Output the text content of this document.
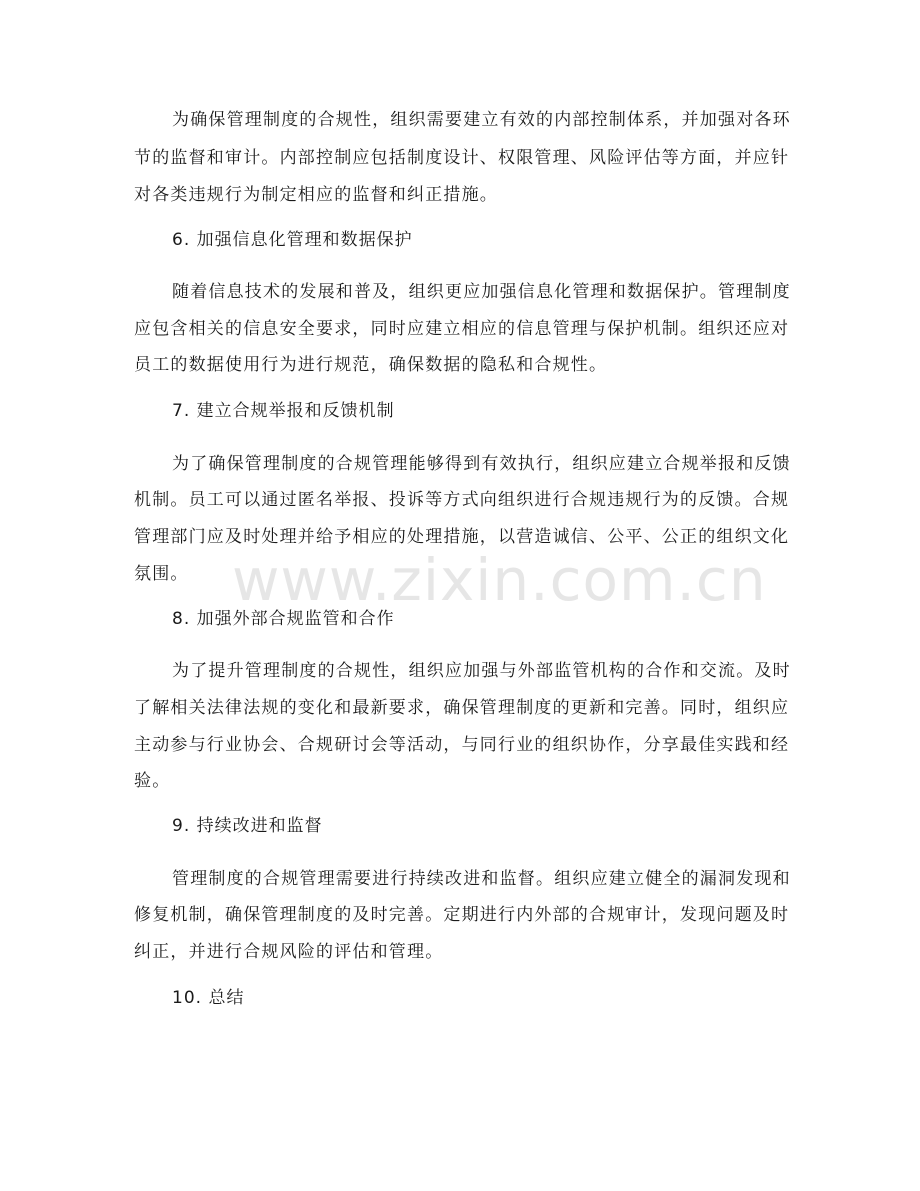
www.zixin.com.cn
为确保管理制度的合规性，组织需要建立有效的内部控制体系，并加强对各环
节的监督和审计。内部控制应包括制度设计、权限管理、风险评估等方面，并应针
对各类违规行为制定相应的监督和纠正措施。
6. 加强信息化管理和数据保护
随着信息技术的发展和普及，组织更应加强信息化管理和数据保护。管理制度
应包含相关的信息安全要求，同时应建立相应的信息管理与保护机制。组织还应对
员工的数据使用行为进行规范，确保数据的隐私和合规性。
7. 建立合规举报和反馈机制
为了确保管理制度的合规管理能够得到有效执行，组织应建立合规举报和反馈
机制。员工可以通过匿名举报、投诉等方式向组织进行合规违规行为的反馈。合规
管理部门应及时处理并给予相应的处理措施，以营造诚信、公平、公正的组织文化
氛围。
8. 加强外部合规监管和合作
为了提升管理制度的合规性，组织应加强与外部监管机构的合作和交流。及时
了解相关法律法规的变化和最新要求，确保管理制度的更新和完善。同时，组织应
主动参与行业协会、合规研讨会等活动，与同行业的组织协作，分享最佳实践和经
验。
9. 持续改进和监督
管理制度的合规管理需要进行持续改进和监督。组织应建立健全的漏洞发现和
修复机制，确保管理制度的及时完善。定期进行内外部的合规审计，发现问题及时
纠正，并进行合规风险的评估和管理。
10. 总结
